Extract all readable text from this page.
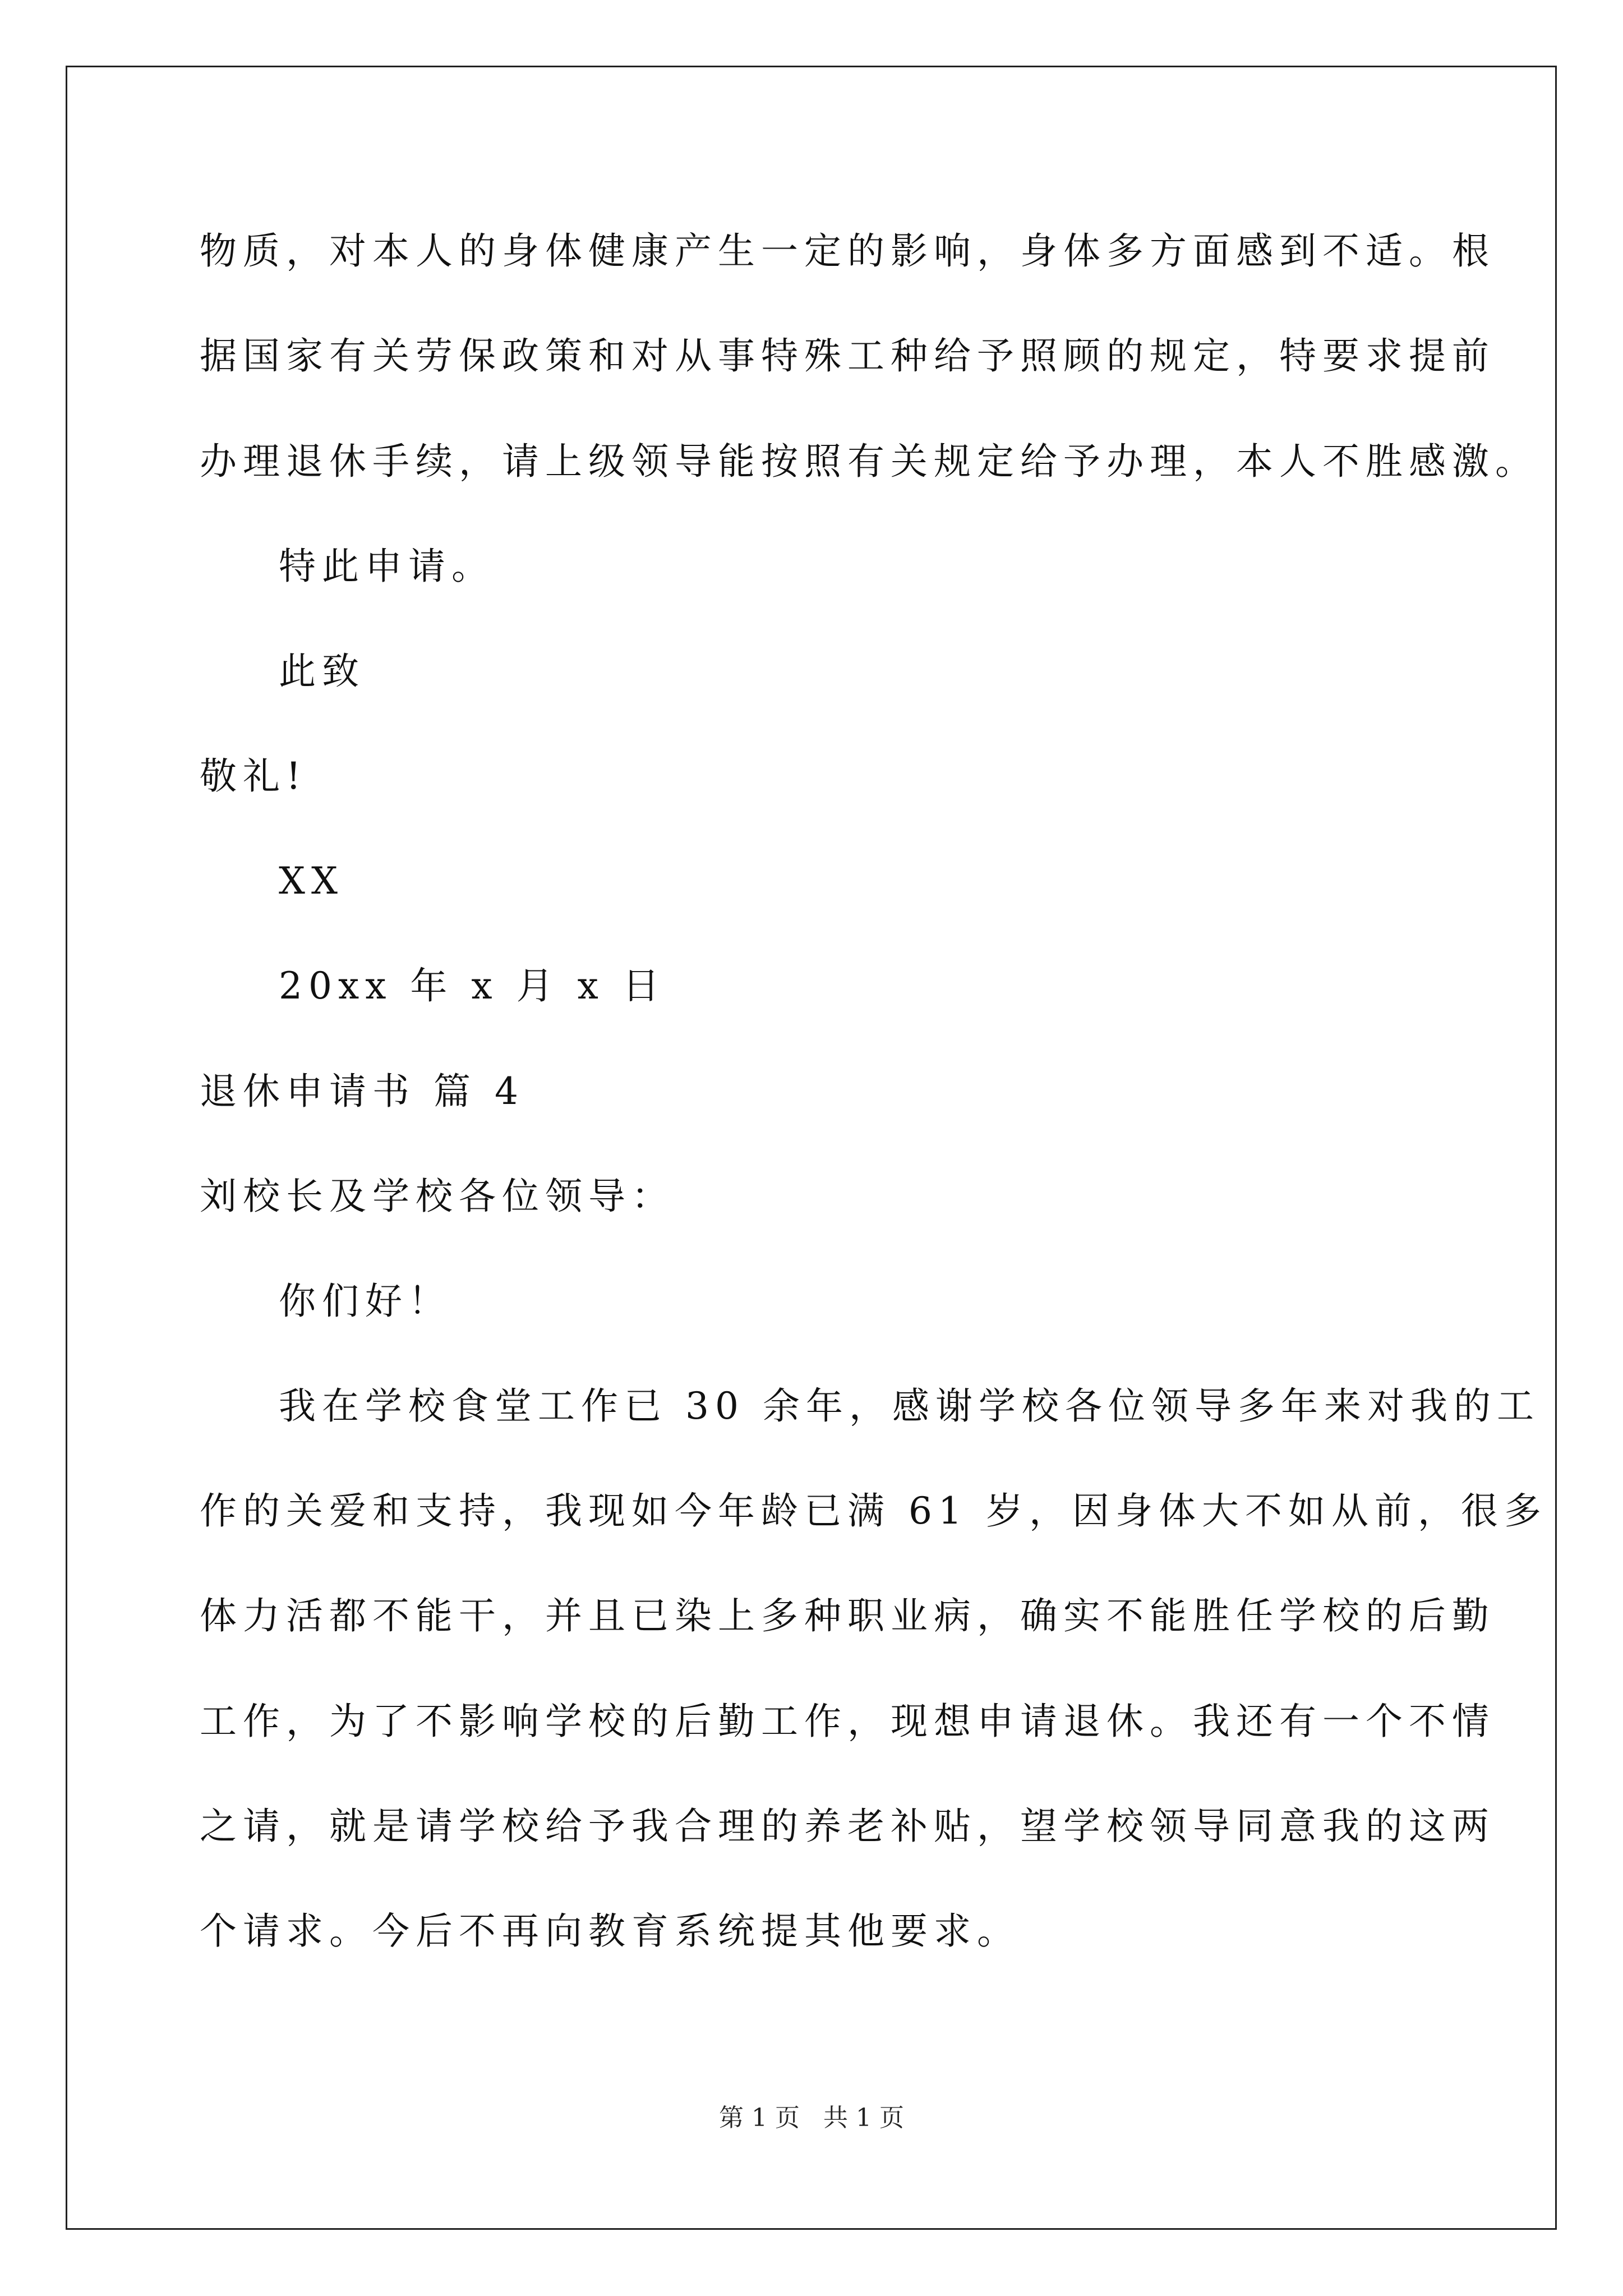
物质，对本人的身体健康产生一定的影响，身体多方面感到不适。根
据国家有关劳保政策和对从事特殊工种给予照顾的规定，特要求提前
办理退休手续，请上级领导能按照有关规定给予办理，本人不胜感激。
特此申请。
此致
敬礼!
XX
20xx 年 x 月 x 日
退休申请书 篇 4
刘校长及学校各位领导：
你们好！
我在学校食堂工作已 30 余年，感谢学校各位领导多年来对我的工
作的关爱和支持，我现如今年龄已满 61 岁，因身体大不如从前，很多
体力活都不能干，并且已染上多种职业病，确实不能胜任学校的后勤
工作，为了不影响学校的后勤工作，现想申请退休。我还有一个不情
之请，就是请学校给予我合理的养老补贴，望学校领导同意我的这两
个请求。今后不再向教育系统提其他要求。
第 1 页   共 1 页
